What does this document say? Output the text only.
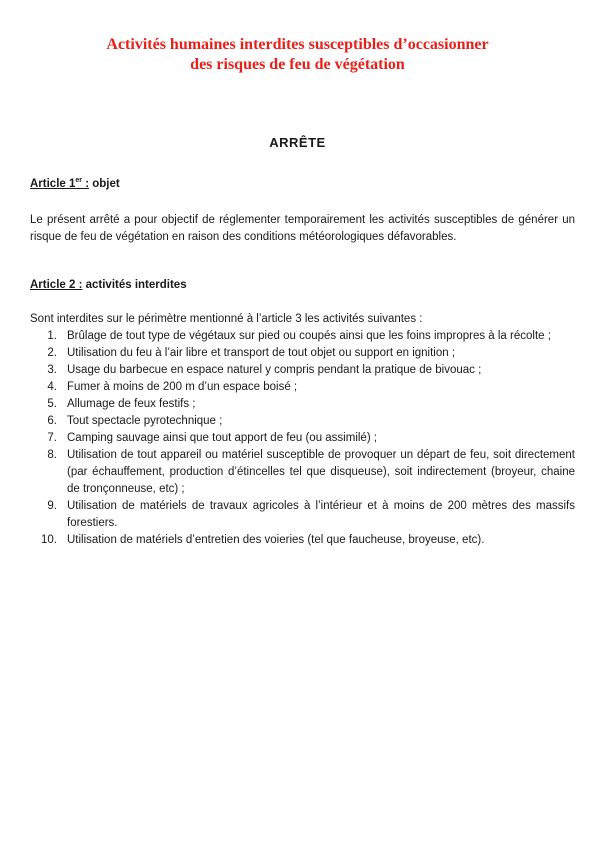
Activités humaines interdites susceptibles d’occasionner
des risques de feu de végétation
ARRÊTE
Article 1er : objet
Le présent arrêté a pour objectif de réglementer temporairement les activités susceptibles de générer un risque de feu de végétation en raison des conditions météorologiques défavorables.
Article 2 : activités interdites
Sont interdites sur le périmètre mentionné à l’article 3 les activités suivantes :
1. Brûlage de tout type de végétaux sur pied ou coupés ainsi que les foins impropres à la récolte ;
2. Utilisation du feu à l’air libre et transport de tout objet ou support en ignition ;
3. Usage du barbecue en espace naturel y compris pendant la pratique de bivouac ;
4. Fumer à moins de 200 m d’un espace boisé ;
5. Allumage de feux festifs ;
6. Tout spectacle pyrotechnique ;
7. Camping sauvage ainsi que tout apport de feu (ou assimilé) ;
8. Utilisation de tout appareil ou matériel susceptible de provoquer un départ de feu, soit directement (par échauffement, production d’étincelles tel que disqueuse), soit indirectement (broyeur, chaine de tronçonneuse, etc) ;
9. Utilisation de matériels de travaux agricoles à l’intérieur et à moins de 200 mètres des massifs forestiers.
10. Utilisation de matériels d’entretien des voieries (tel que faucheuse, broyeuse, etc).
